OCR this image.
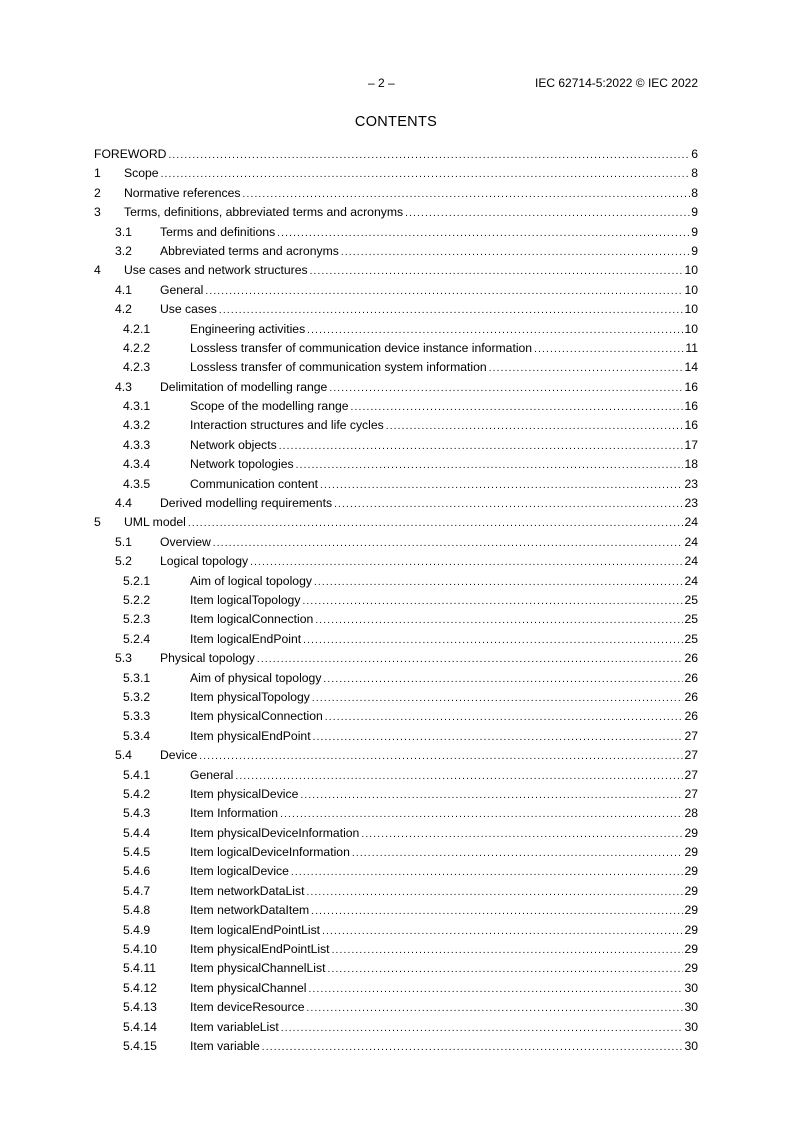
– 2 –	IEC 62714-5:2022 © IEC 2022
CONTENTS
FOREWORD .....	6
1 Scope .....	8
2 Normative references .....	8
3 Terms, definitions, abbreviated terms and acronyms .....	9
3.1 Terms and definitions .....	9
3.2 Abbreviated terms and acronyms .....	9
4 Use cases and network structures .....	10
4.1 General .....	10
4.2 Use cases .....	10
4.2.1	Engineering activities .....	10
4.2.2	Lossless transfer of communication device instance information .....	11
4.2.3	Lossless transfer of communication system information .....	14
4.3 Delimitation of modelling range .....	16
4.3.1	Scope of the modelling range .....	16
4.3.2	Interaction structures and life cycles .....	16
4.3.3	Network objects .....	17
4.3.4	Network topologies .....	18
4.3.5	Communication content .....	23
4.4 Derived modelling requirements .....	23
5 UML model .....	24
5.1 Overview .....	24
5.2 Logical topology .....	24
5.2.1	Aim of logical topology .....	24
5.2.2	Item logicalTopology .....	25
5.2.3	Item logicalConnection .....	25
5.2.4	Item logicalEndPoint .....	25
5.3 Physical topology .....	26
5.3.1	Aim of physical topology .....	26
5.3.2	Item physicalTopology .....	26
5.3.3	Item physicalConnection .....	26
5.3.4	Item physicalEndPoint .....	27
5.4 Device .....	27
5.4.1	General .....	27
5.4.2	Item physicalDevice .....	27
5.4.3	Item Information .....	28
5.4.4	Item physicalDeviceInformation .....	29
5.4.5	Item logicalDeviceInformation .....	29
5.4.6	Item logicalDevice .....	29
5.4.7	Item networkDataList .....	29
5.4.8	Item networkDataItem .....	29
5.4.9	Item logicalEndPointList .....	29
5.4.10	Item physicalEndPointList .....	29
5.4.11	Item physicalChannelList .....	29
5.4.12	Item physicalChannel .....	30
5.4.13	Item deviceResource .....	30
5.4.14	Item variableList .....	30
5.4.15	Item variable .....	30
